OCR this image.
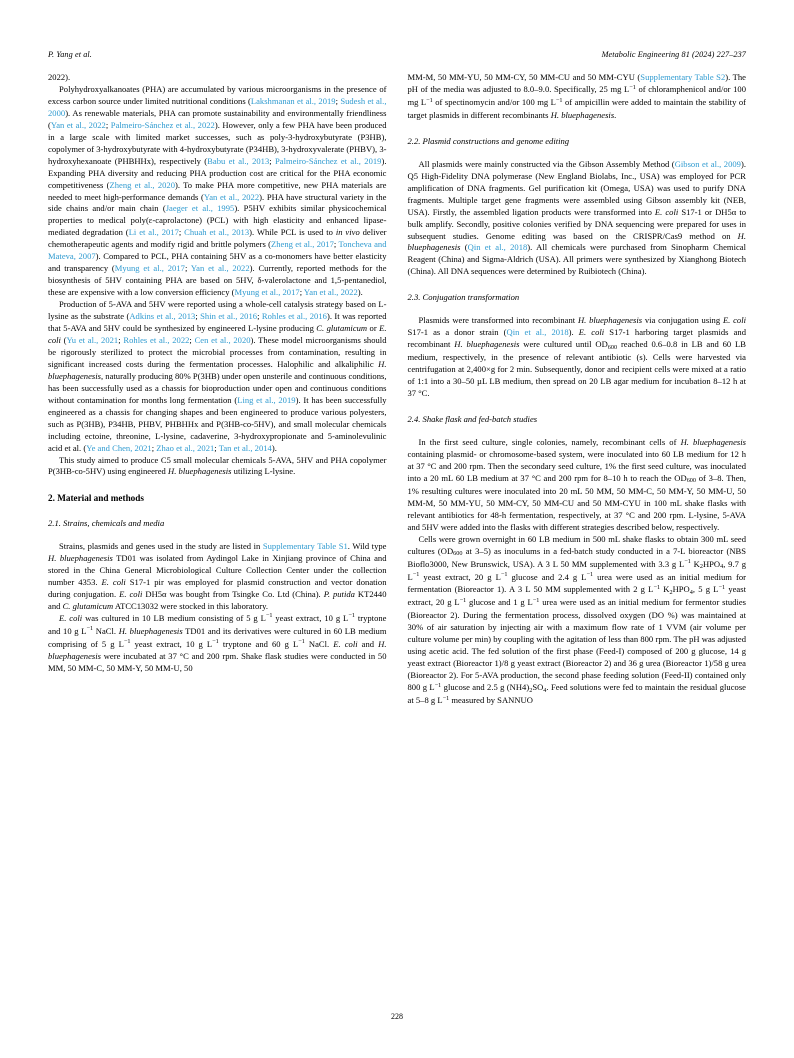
P. Yang et al.	Metabolic Engineering 81 (2024) 227–237

2022).

Polyhydroxyalkanoates (PHA) are accumulated by various microorganisms in the presence of excess carbon source under limited nutritional conditions (Lakshmanan et al., 2019; Sudesh et al., 2000). As renewable materials, PHA can promote sustainability and environmentally friendliness (Yan et al., 2022; Palmeiro-Sánchez et al., 2022). However, only a few PHA have been produced in a large scale with limited market successes, such as poly-3-hydroxybutyrate (P3HB), copolymer of 3-hydroxybutyrate with 4-hydroxybutyrate (P34HB), 3-hydroxyvalerate (PHBV), 3-hydroxyhexanoate (PHBHHx), respectively (Babu et al., 2013; Palmeiro-Sánchez et al., 2019). Expanding PHA diversity and reducing PHA production cost are critical for the PHA economic competitiveness (Zheng et al., 2020). To make PHA more competitive, new PHA materials are needed to meet high-performance demands (Yan et al., 2022). PHA have structural variety in the side chains and/or main chain (Jaeger et al., 1995). P5HV exhibits similar physicochemical properties to medical poly(ε-caprolactone) (PCL) with high elasticity and enhanced lipase-mediated degradation (Li et al., 2017; Chuah et al., 2013). While PCL is used to in vivo deliver chemotherapeutic agents and modify rigid and brittle polymers (Zheng et al., 2017; Toncheva and Mateva, 2007). Compared to PCL, PHA containing 5HV as a co-monomers have better elasticity and transparency (Myung et al., 2017; Yan et al., 2022). Currently, reported methods for the biosynthesis of 5HV containing PHA are based on 5HV, δ-valerolactone and 1,5-pentanediol, these are expensive with a low conversion efficiency (Myung et al., 2017; Yan et al., 2022).

Production of 5-AVA and 5HV were reported using a whole-cell catalysis strategy based on L-lysine as the substrate (Adkins et al., 2013; Shin et al., 2016; Rohles et al., 2016). It was reported that 5-AVA and 5HV could be synthesized by engineered L-lysine producing C. glutamicum or E. coli (Yu et al., 2021; Rohles et al., 2022; Cen et al., 2020). These model microorganisms should be rigorously sterilized to protect the microbial processes from contamination, resulting in significant increased costs during the fermentation processes. Halophilic and alkaliphilic H. bluephagenesis, naturally producing 80% P(3HB) under open unsterile and continuous conditions, has been successfully used as a chassis for bioproduction under open and continuous conditions without contamination for months long fermentation (Ling et al., 2019). It has been successfully engineered as a chassis for changing shapes and been engineered to produce various polyesters, such as P(3HB), P34HB, PHBV, PHBHHx and P(3HB-co-5HV), and small molecular chemicals including ectoine, threonine, L-lysine, cadaverine, 3-hydroxypropionate and 5-aminolevulinic acid et al. (Ye and Chen, 2021; Zhao et al., 2021; Tan et al., 2014).

This study aimed to produce C5 small molecular chemicals 5-AVA, 5HV and PHA copolymer P(3HB-co-5HV) using engineered H. bluephagenesis utilizing L-lysine.

2. Material and methods
2.1. Strains, chemicals and media

Strains, plasmids and genes used in the study are listed in Supplementary Table S1. Wild type H. bluephagenesis TD01 was isolated from Aydingol Lake in Xinjiang province of China and stored in the China General Microbiological Culture Collection Center under the collection number 4353. E. coli S17-1 pir was employed for plasmid construction and vector donation during conjugation. E. coli DH5α was bought from Tsingke Co. Ltd (China). P. putida KT2440 and C. glutamicum ATCC13032 were stocked in this laboratory.

E. coli was cultured in 10 LB medium consisting of 5 g $L^{-1}$ yeast extract, 10 g $L^{-1}$ tryptone and 10 g $L^{-1}$ NaCl. H. bluephagenesis TD01 and its derivatives were cultured in 60 LB medium comprising of 5 g $L^{-1}$ yeast extract, 10 g $L^{-1}$ tryptone and 60 g $L^{-1}$ NaCl. E. coli and H. bluephagenesis were incubated at 37 °C and 200 rpm. Shake flask studies were conducted in 50 MM, 50 MM-C, 50 MM-Y, 50 MM-U, 50

MM-M, 50 MM-YU, 50 MM-CY, 50 MM-CU and 50 MM-CYU (Supplementary Table S2). The pH of the media was adjusted to 8.0–9.0. Specifically, 25 mg $L^{-1}$ of chloramphenicol and/or 100 mg $L^{-1}$ of spectinomycin and/or 100 mg $L^{-1}$ of ampicillin were added to maintain the stability of target plasmids in different recombinants H. bluephagenesis.

2.2. Plasmid constructions and genome editing

All plasmids were mainly constructed via the Gibson Assembly Method (Gibson et al., 2009). Q5 High-Fidelity DNA polymerase (New England Biolabs, Inc., USA) was employed for PCR amplification of DNA fragments. Gel purification kit (Omega, USA) was used to purify DNA fragments. Multiple target gene fragments were assembled using Gibson assembly kit (NEB, USA). Firstly, the assembled ligation products were transformed into E. coli S17-1 or DH5α to bulk amplify. Secondly, positive colonies verified by DNA sequencing were prepared for uses in subsequent studies. Genome editing was based on the CRISPR/Cas9 method on H. bluephagenesis (Qin et al., 2018). All chemicals were purchased from Sinopharm Chemical Reagent (China) and Sigma-Aldrich (USA). All primers were synthesized by Xianghong Biotech (China). All DNA sequences were determined by Ruibiotech (China).

2.3. Conjugation transformation

Plasmids were transformed into recombinant H. bluephagenesis via conjugation using E. coli S17-1 as a donor strain (Qin et al., 2018). E. coli S17-1 harboring target plasmids and recombinant H. bluephagenesis were cultured until $OD_{600}$ reached 0.6–0.8 in LB and 60 LB medium, respectively, in the presence of relevant antibiotic (s). Cells were harvested via centrifugation at 2,400×g for 2 min. Subsequently, donor and recipient cells were mixed at a ratio of 1:1 into a 30–50 µL LB medium, then spread on 20 LB agar medium for incubation 8–12 h at 37 °C.

2.4. Shake flask and fed-batch studies

In the first seed culture, single colonies, namely, recombinant cells of H. bluephagenesis containing plasmid- or chromosome-based system, were inoculated into 60 LB medium for 12 h at 37 °C and 200 rpm. Then the secondary seed culture, 1% the first seed culture, was inoculated into a 20 mL 60 LB medium at 37 °C and 200 rpm for 8–10 h to reach the $OD_{600}$ of 3–8. Then, 1% resulting cultures were inoculated into 20 mL 50 MM, 50 MM-C, 50 MM-Y, 50 MM-U, 50 MM-M, 50 MM-YU, 50 MM-CY, 50 MM-CU and 50 MM-CYU in 100 mL shake flasks with relevant antibiotics for 48-h fermentation, respectively, at 37 °C and 200 rpm. L-lysine, 5-AVA and 5HV were added into the flasks with different strategies described below, respectively.

Cells were grown overnight in 60 LB medium in 500 mL shake flasks to obtain 300 mL seed cultures ($OD_{600}$ at 3–5) as inoculums in a fed-batch study conducted in a 7-L bioreactor (NBS Bioflo3000, New Brunswick, USA). A 3 L 50 MM supplemented with 3.3 g $L^{-1}$ $K_2HPO_4$, 9.7 g $L^{-1}$ yeast extract, 20 g $L^{-1}$ glucose and 2.4 g $L^{-1}$ urea were used as an initial medium for fermentation (Bioreactor 1). A 3 L 50 MM supplemented with 2 g $L^{-1}$ $K_2HPO_4$, 5 g $L^{-1}$ yeast extract, 20 g $L^{-1}$ glucose and 1 g $L^{-1}$ urea were used as an initial medium for fermentor studies (Bioreactor 2). During the fermentation process, dissolved oxygen (DO %) was maintained at 30% of air saturation by injecting air with a maximum flow rate of 1 VVM (air volume per culture volume per min) by coupling with the agitation of less than 800 rpm. The pH was adjusted using acetic acid. The fed solution of the first phase (Feed-I) composed of 200 g glucose, 14 g yeast extract (Bioreactor 1)/8 g yeast extract (Bioreactor 2) and 36 g urea (Bioreactor 1)/58 g urea (Bioreactor 2). For 5-AVA production, the second phase feeding solution (Feed-II) contained only 800 g $L^{-1}$ glucose and 2.5 g $(NH4)_2SO_4$. Feed solutions were fed to maintain the residual glucose at 5–8 g $L^{-1}$ measured by SANNUO

228
